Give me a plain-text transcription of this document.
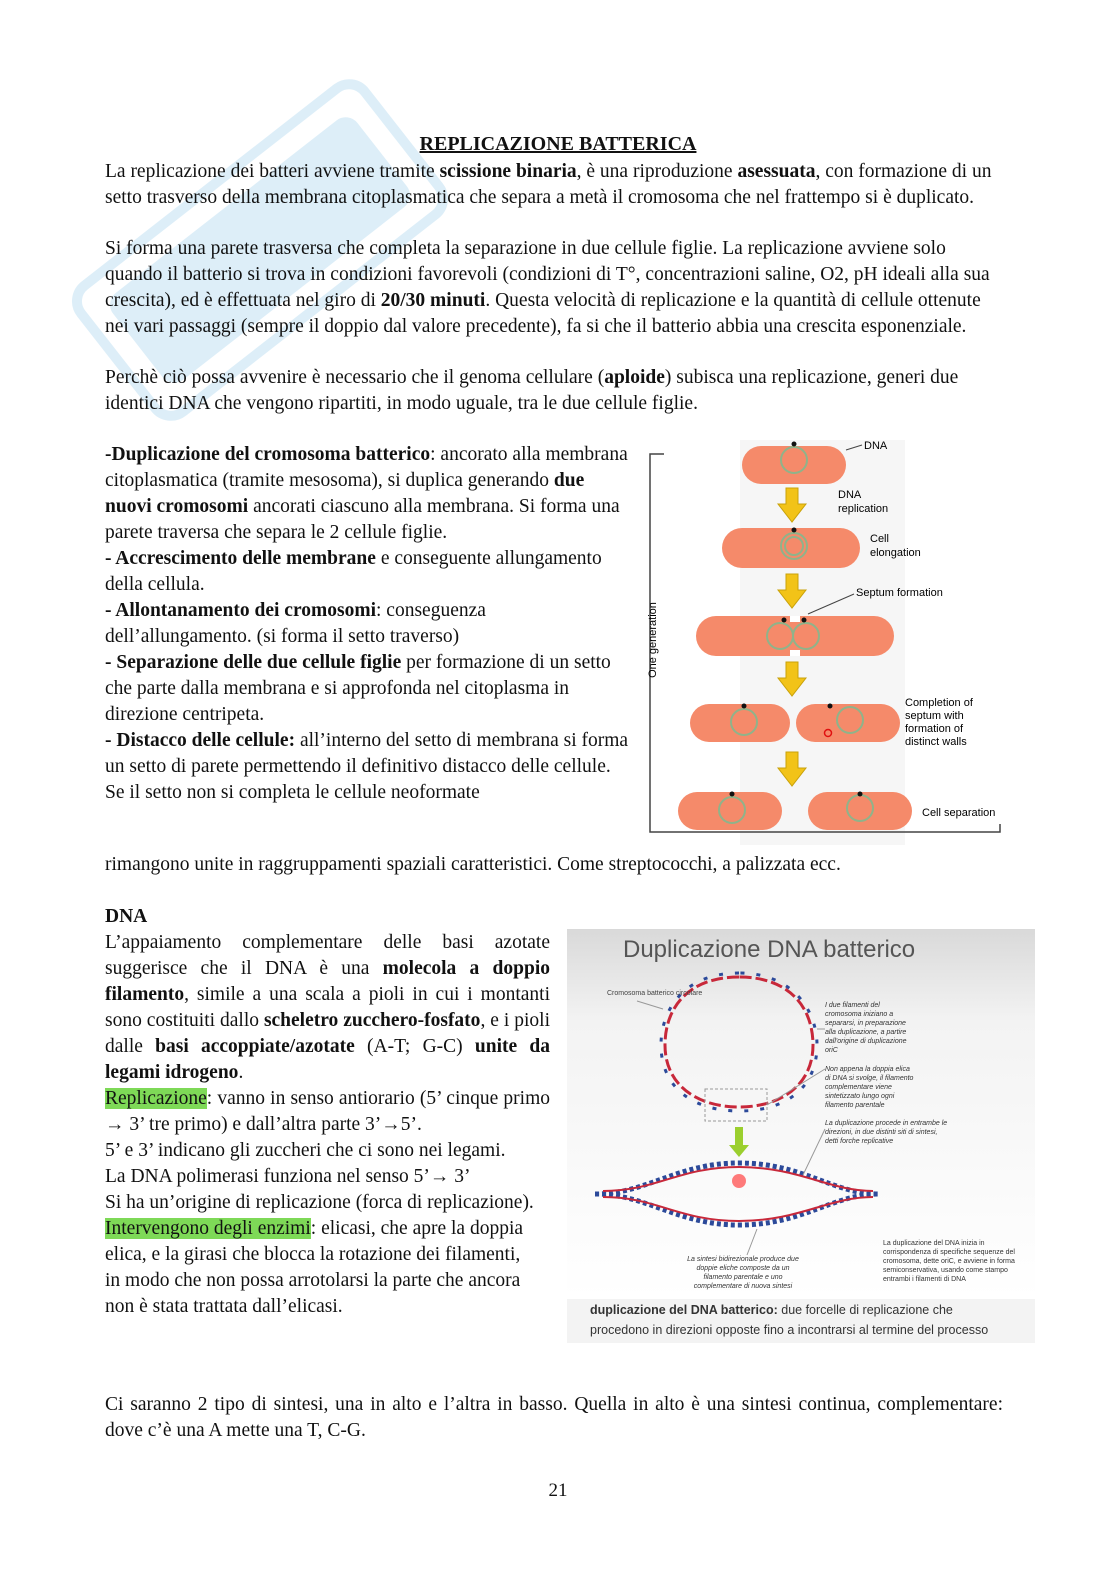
REPLICAZIONE BATTERICA
La replicazione dei batteri avviene tramite scissione binaria, è una riproduzione asessuata, con formazione di un setto trasverso della membrana citoplasmatica che separa a metà il cromosoma che nel frattempo si è duplicato.
Si forma una parete trasversa che completa la separazione in due cellule figlie. La replicazione avviene solo quando il batterio si trova in condizioni favorevoli (condizioni di T°, concentrazioni saline, O2, pH ideali alla sua crescita), ed è effettuata nel giro di 20/30 minuti. Questa velocità di replicazione e la quantità di cellule ottenute nei vari passaggi (sempre il doppio dal valore precedente), fa si che il batterio abbia una crescita esponenziale.
Perchè ciò possa avvenire è necessario che il genoma cellulare (aploide) subisca una replicazione, generi due identici DNA che vengono ripartiti, in modo uguale, tra le due cellule figlie.
-Duplicazione del cromosoma batterico: ancorato alla membrana citoplasmatica (tramite mesosoma), si duplica generando due nuovi cromosomi ancorati ciascuno alla membrana. Si forma una parete traversa che separa le 2 cellule figlie.
- Accrescimento delle membrane e conseguente allungamento della cellula.
- Allontanamento dei cromosomi: conseguenza dell’allungamento. (si forma il setto traverso)
- Separazione delle due cellule figlie per formazione di un setto che parte dalla membrana e si approfonda nel citoplasma in direzione centripeta.
- Distacco delle cellule: all’interno del setto di membrana si forma un setto di parete permettendo il definitivo distacco delle cellule.
Se il setto non si completa le cellule neoformate
rimangono unite in raggruppamenti spaziali caratteristici. Come streptococchi, a palizzata ecc.
One generation
DNA
DNA
replication
Cell
elongation
Septum formation
Completion of
septum with
formation of
distinct walls
Cell separation
DNA
L’appaiamento complementare delle basi azotate suggerisce che il DNA è una molecola a doppio filamento, simile a una scala a pioli in cui i montanti sono costituiti dallo scheletro zucchero-fosfato, e i pioli dalle basi accoppiate/azotate (A-T; G-C) unite da legami idrogeno.
Replicazione: vanno in senso antiorario (5’ cinque primo → 3’ tre primo) e dall’altra parte 3’→5’.
5’ e 3’ indicano gli zuccheri che ci sono nei legami.
La DNA polimerasi funziona nel senso 5’→ 3’
Si ha un’origine di replicazione (forca di replicazione).
Intervengono degli enzimi: elicasi, che apre la doppia elica, e la girasi che blocca la rotazione dei filamenti, in modo che non possa arrotolarsi la parte che ancora non è stata trattata dall’elicasi.
Ci saranno 2 tipo di sintesi, una in alto e l’altra in basso. Quella in alto è una sintesi continua, complementare: dove c’è una A mette una T, C-G.
Duplicazione DNA batterico
Cromosoma batterico circolare
I due filamenti del cromosoma iniziano a separarsi, in preparazione alla duplicazione, a partire dall'origine di duplicazione oriC
Non appena la doppia elica di DNA si svolge, il filamento complementare viene sintetizzato lungo ogni filamento parentale
La duplicazione procede in entrambe le direzioni, in due distinti siti di sintesi, detti forche replicative
La sintesi bidirezionale produce due doppie eliche composte da un filamento parentale e uno complementare di nuova sintesi
La duplicazione del DNA inizia in corrispondenza di specifiche sequenze del cromosoma, dette oriC, e avviene in forma semiconservativa, usando come stampo entrambi i filamenti di DNA
duplicazione del DNA batterico: due forcelle di replicazione che
procedono in direzioni opposte fino a incontrarsi al termine del processo
21
